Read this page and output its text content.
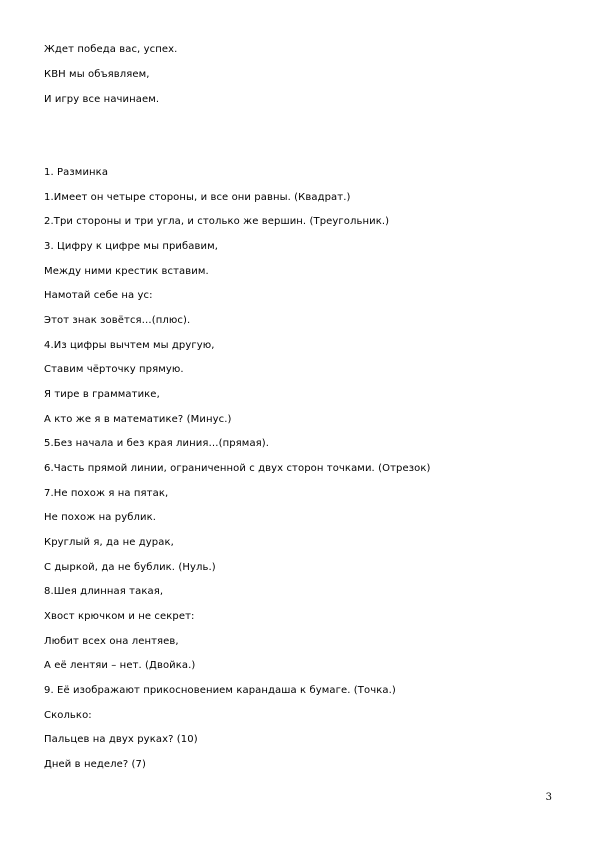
Ждет победа вас, успех.
КВН мы объявляем,
И игру все начинаем.
1. Разминка
1.Имеет он четыре стороны, и все они равны. (Квадрат.)
2.Три стороны и три угла, и столько же вершин. (Треугольник.)
3. Цифру к цифре мы прибавим,
Между ними крестик вставим.
Намотай себе на ус:
Этот знак зовётся…(плюс).
4.Из цифры вычтем мы другую,
Ставим чёрточку прямую.
Я тире в грамматике,
А кто же я в математике? (Минус.)
5.Без начала и без края линия…(прямая).
6.Часть прямой линии, ограниченной с двух сторон точками. (Отрезок)
7.Не похож я на пятак,
Не похож на рублик.
Круглый я, да не дурак,
С дыркой, да не бублик. (Нуль.)
8.Шея длинная такая,
Хвост крючком и не секрет:
Любит всех она лентяев,
А её лентяи – нет. (Двойка.)
9. Её изображают прикосновением карандаша к бумаге. (Точка.)
Сколько:
Пальцев на двух руках? (10)
Дней в неделе? (7)
3
